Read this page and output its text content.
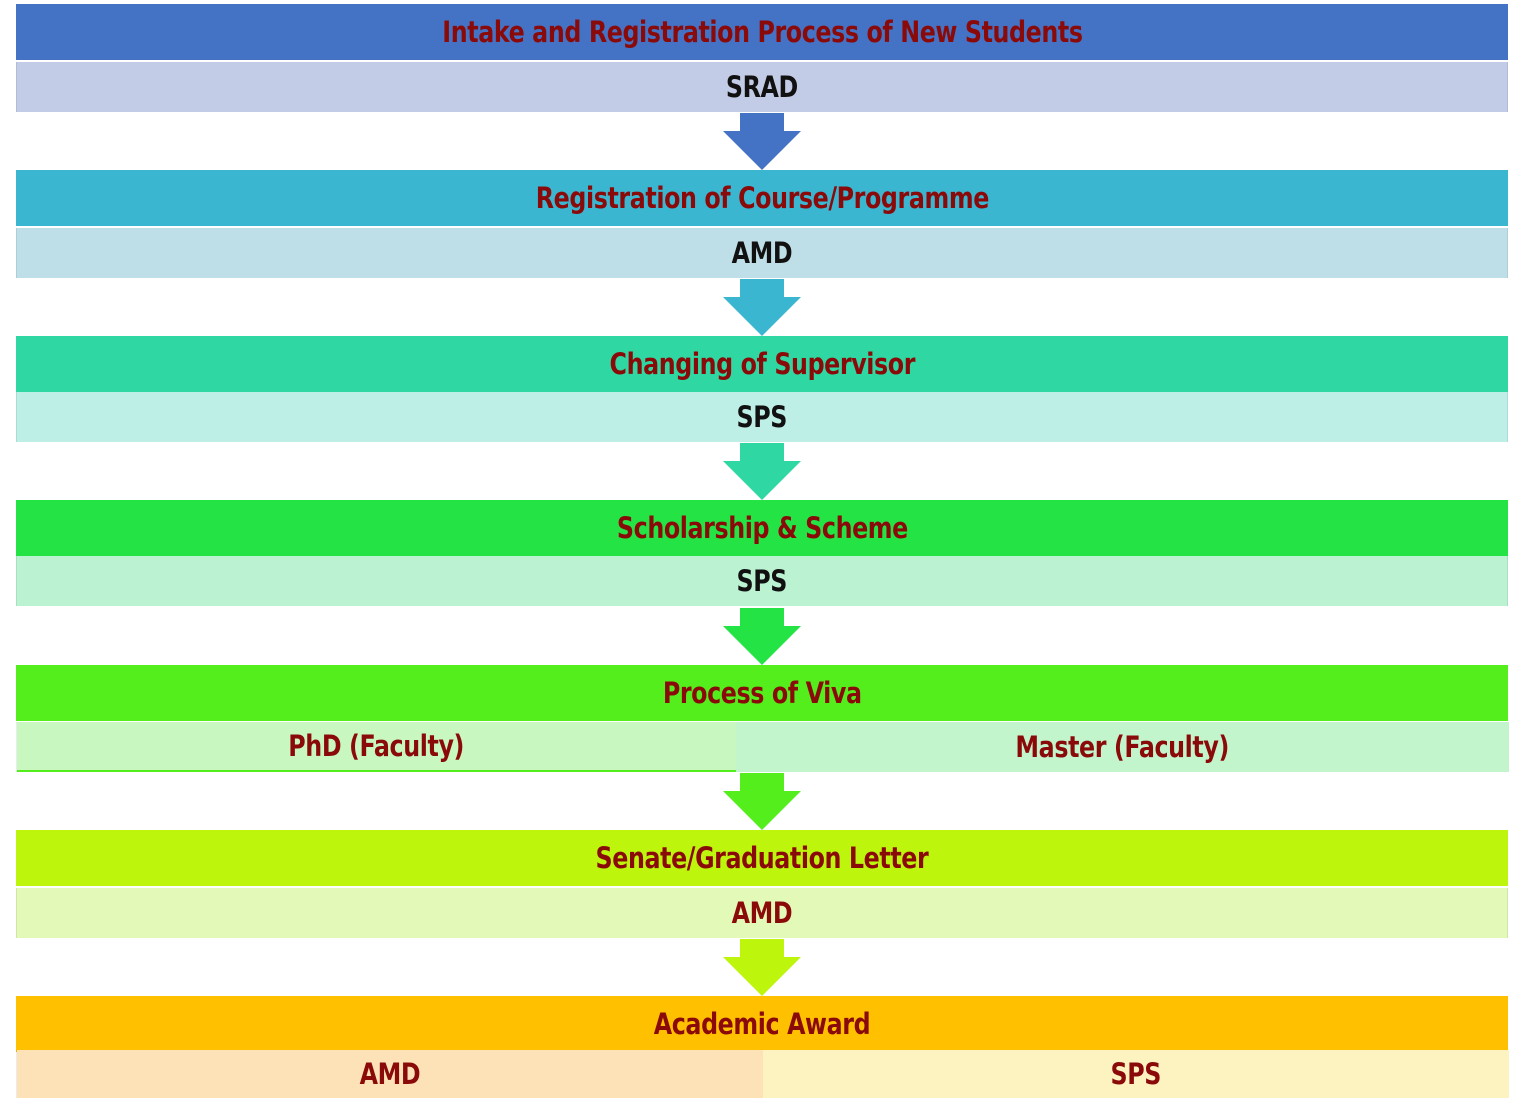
Intake and Registration Process of New Students
SRAD
Registration of Course/Programme
AMD
Changing of Supervisor
SPS
Scholarship & Scheme
SPS
Process of Viva
PhD (Faculty)	Master (Faculty)
Senate/Graduation Letter
AMD
Academic Award
AMD	SPS
